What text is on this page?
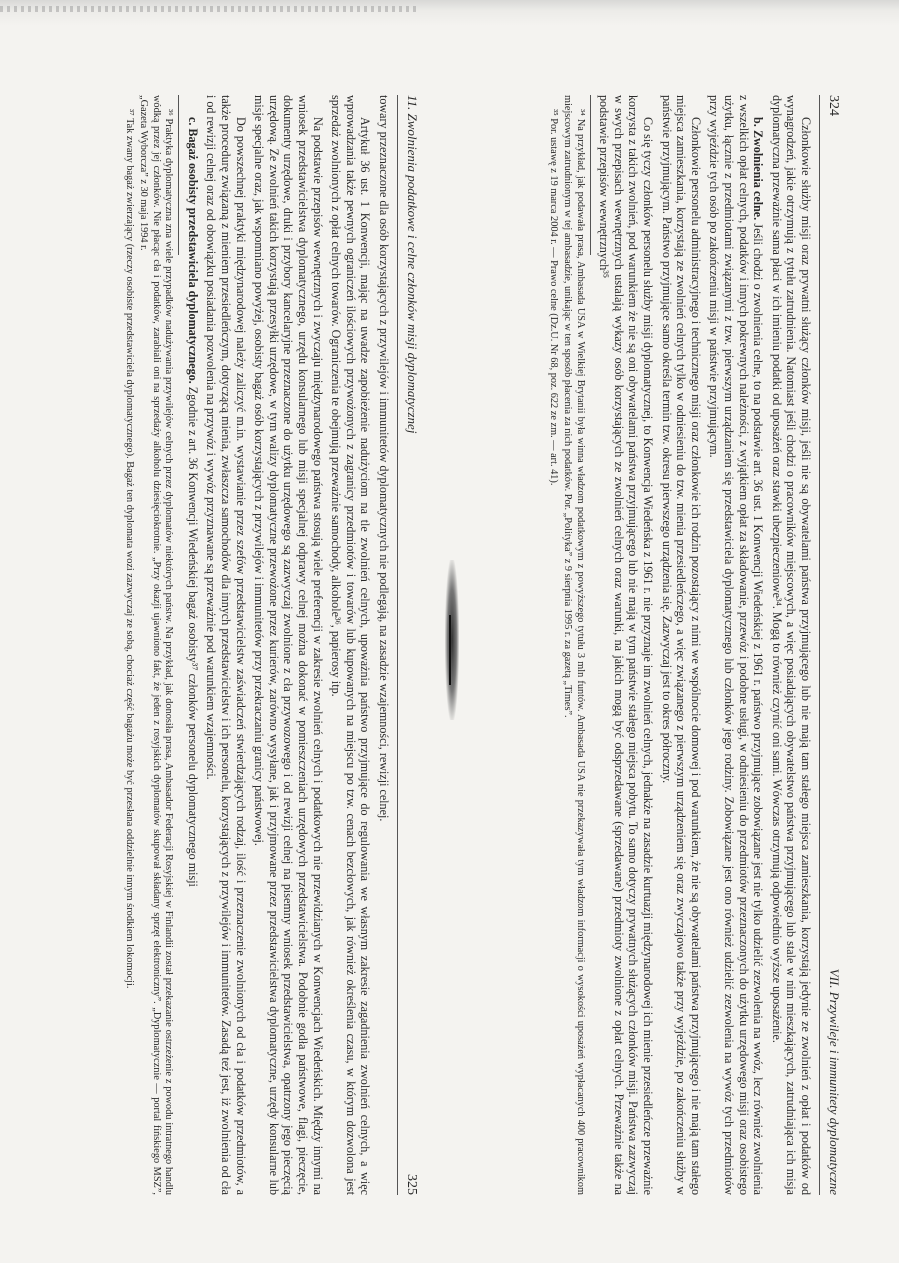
324
VII. Przywileje i immunitety dyplomatyczne

Członkowie służby misji oraz prywatni służący członków misji, jeśli nie są obywatelami państwa przyjmującego lub nie mają tam stałego miejsca zamieszkania, korzystają jedynie ze zwolnień z opłat i podatków od wynagrodzeń, jakie otrzymują z tytułu zatrudnienia. Natomiast jeśli chodzi o pracowników miejscowych, a więc posiadających obywatelstwo państwa przyjmującego lub stale w nim mieszkających, zatrudniająca ich misja dyplomatyczna przeważnie sama płaci w ich imieniu podatki od uposażeń oraz stawki ubezpieczeniowe³⁴. Mogą to również czynić oni sami. Wówczas otrzymują odpowiednio wyższe uposażenie.

b. Zwolnienia celne. Jeśli chodzi o zwolnienia celne, to na podstawie art. 36 ust. 1 Konwencji Wiedeńskiej z 1961 r. państwo przyjmujące zobowiązane jest nie tylko udzielić zezwolenia na wwóz, lecz również zwolnienia z wszelkich opłat celnych, podatków i innych pokrewnych należności, z wyjątkiem opłat za składowanie, przewóz i podobne usługi, w odniesieniu do przedmiotów przeznaczonych do użytku urzędowego misji oraz osobistego użytku, łącznie z przedmiotami związanymi z tzw. pierwszym urządzaniem się przedstawiciela dyplomatycznego lub członków jego rodziny. Zobowiązane jest ono również udzielić zezwolenia na wywóz tych przedmiotów przy wyjeździe tych osób po zakończeniu misji w państwie przyjmującym.

Członkowie personelu administracyjnego i technicznego misji oraz członkowie ich rodzin pozostający z nimi we wspólnocie domowej i pod warunkiem, że nie są obywatelami państwa przyjmującego i nie mają tam stałego miejsca zamieszkania, korzystają ze zwolnień celnych tylko w odniesieniu do tzw. mienia przesiedleńczego, a więc związanego z pierwszym urządzeniem się oraz zwyczajowo także przy wyjeździe, po zakończeniu służby w państwie przyjmującym. Państwo przyjmujące samo określa termin tzw. okresu pierwszego urządzenia się. Zazwyczaj jest to okres półroczny.

Co się tyczy członków personelu służby misji dyplomatycznej, to Konwencja Wiedeńska z 1961 r. nie przyznaje im zwolnień celnych, jednakże na zasadzie kurtuazji międzynarodowej ich mienie przesiedleńcze przeważnie korzysta z takich zwolnień, pod warunkiem że nie są oni obywatelami państwa przyjmującego lub nie mają w tym państwie stałego miejsca pobytu. To samo dotyczy prywatnych służących członków misji. Państwa zazwyczaj w swych przepisach wewnętrznych ustalają wykazy osób korzystających ze zwolnień celnych oraz warunki, na jakich mogą być odsprzedawane (sprzedawane) przedmioty zwolnione z opłat celnych. Przeważnie także na podstawie przepisów wewnętrznych³⁵

³⁴ Na przykład, jak podawała prasa, Ambasada USA w Wielkiej Brytanii była winna władzom podatkowym z powyższego tytułu 3 mln funtów. Ambasada USA nie przekazywała tym władzom informacji o wysokości uposażeń wypłacanych 400 pracownikom miejscowym zatrudnionym w tej ambasadzie, unikając w ten sposób płacenia za nich podatków. Por. „Polityka” z 9 sierpnia 1995 r. za gazetą „Times”.

³⁵ Por. ustawę z 19 marca 2004 r. — Prawo celne (Dz.U. Nr 68, poz. 622 ze zm. — art. 41).

11. Zwolnienia podatkowe i celne członków misji dyplomatycznej
325

towary przeznaczone dla osób korzystających z przywilejów i immunitetów dyplomatycznych nie podlegają, na zasadzie wzajemności, rewizji celnej.

Artykuł 36 ust. 1 Konwencji, mając na uwadze zapobieżenie nadużyciom na tle zwolnień celnych, upoważnia państwo przyjmujące do regulowania we własnym zakresie zagadnienia zwolnień celnych, a więc wprowadzania także pewnych ograniczeń ilościowych przywożonych z zagranicy przedmiotów i towarów lub kupowanych na miejscu po tzw. cenach bezcłowych, jak również określenia czasu, w którym dozwolona jest sprzedaż zwolnionych z opłat celnych towarów. Ograniczenia te obejmują przeważnie samochody, alkohole³⁶, papierosy itp.

Na podstawie przepisów wewnętrznych i zwyczaju międzynarodowego państwa stosują wiele preferencji w zakresie zwolnień celnych i podatkowych nie przewidzianych w Konwencjach Wiedeńskich. Między innymi na wniosek przedstawicielstwa dyplomatycznego, urzędu konsularnego lub misji specjalnej odprawy celnej można dokonać w pomieszczeniach urzędowych przedstawicielstwa. Podobnie godła państwowe, flagi, pieczęcie, dokumenty urzędowe, druki i przybory kancelaryjne przeznaczone do użytku urzędowego są zazwyczaj zwolnione z cła przywozowego i od rewizji celnej na pisemny wniosek przedstawicielstwa, opatrzony jego pieczęcią urzędową. Ze zwolnień takich korzystają przesyłki urzędowe, w tym walizy dyplomatyczne przewożone przez kurierów, zarówno wysyłane, jak i przyjmowane przez przedstawicielstwa dyplomatyczne, urzędy konsularne lub misje specjalne oraz, jak wspomniano powyżej, osobisty bagaż osób korzystających z przywilejów i immunitetów przy przekraczaniu granicy państwowej.

Do powszechnej praktyki międzynarodowej należy zaliczyć m.in. wystawianie przez szefów przedstawicielstw zaświadczeń stwierdzających rodzaj, ilość i przeznaczenie zwolnionych od cła i podatków przedmiotów, a także procedurę związaną z mieniem przesiedleńczym, dotyczącą mienia, zwłaszcza samochodów dla innych przedstawicielstw i ich personelu, korzystających z przywilejów i immunitetów. Zasadą też jest, iż zwolnienia od cła i od rewizji celnej oraz od obowiązku posiadania pozwolenia na przywóz i wywóz przyznawane są przeważnie pod warunkiem wzajemności.

c. Bagaż osobisty przedstawiciela dyplomatycznego. Zgodnie z art. 36 Konwencji Wiedeńskiej bagaż osobisty³⁷ członków personelu dyplomatycznego misji

³⁶ Praktyka dyplomatyczna zna wiele przypadków nadużywania przywilejów celnych przez dyplomatów niektórych państw. Na przykład, jak donosiła prasa, Ambasador Federacji Rosyjskiej w Finlandii został przekazanie ostrzeżenie z powodu intratnego handlu wódką przez jej członków. Nie płacąc cła i podatków, zarabiali oni na sprzedaży alkoholu dziesięciokrotnie. „Przy okazji ujawniono fakt, że jeden z rosyjskich dyplomatów skupował składany sprzęt elektroniczny”. „Dyplomatycznie — portal fińskiego MSZ”, „Gazeta Wyborcza” z 30 maja 1994 r.

³⁷ Tak zwany bagaż zwierzający (rzeczy osobiste przedstawiciela dyplomatycznego). Bagaż ten dyplomata wozi zazwyczaj ze sobą, chociaż część bagażu może być przesłana oddzielnie innym środkiem lokomocji.
